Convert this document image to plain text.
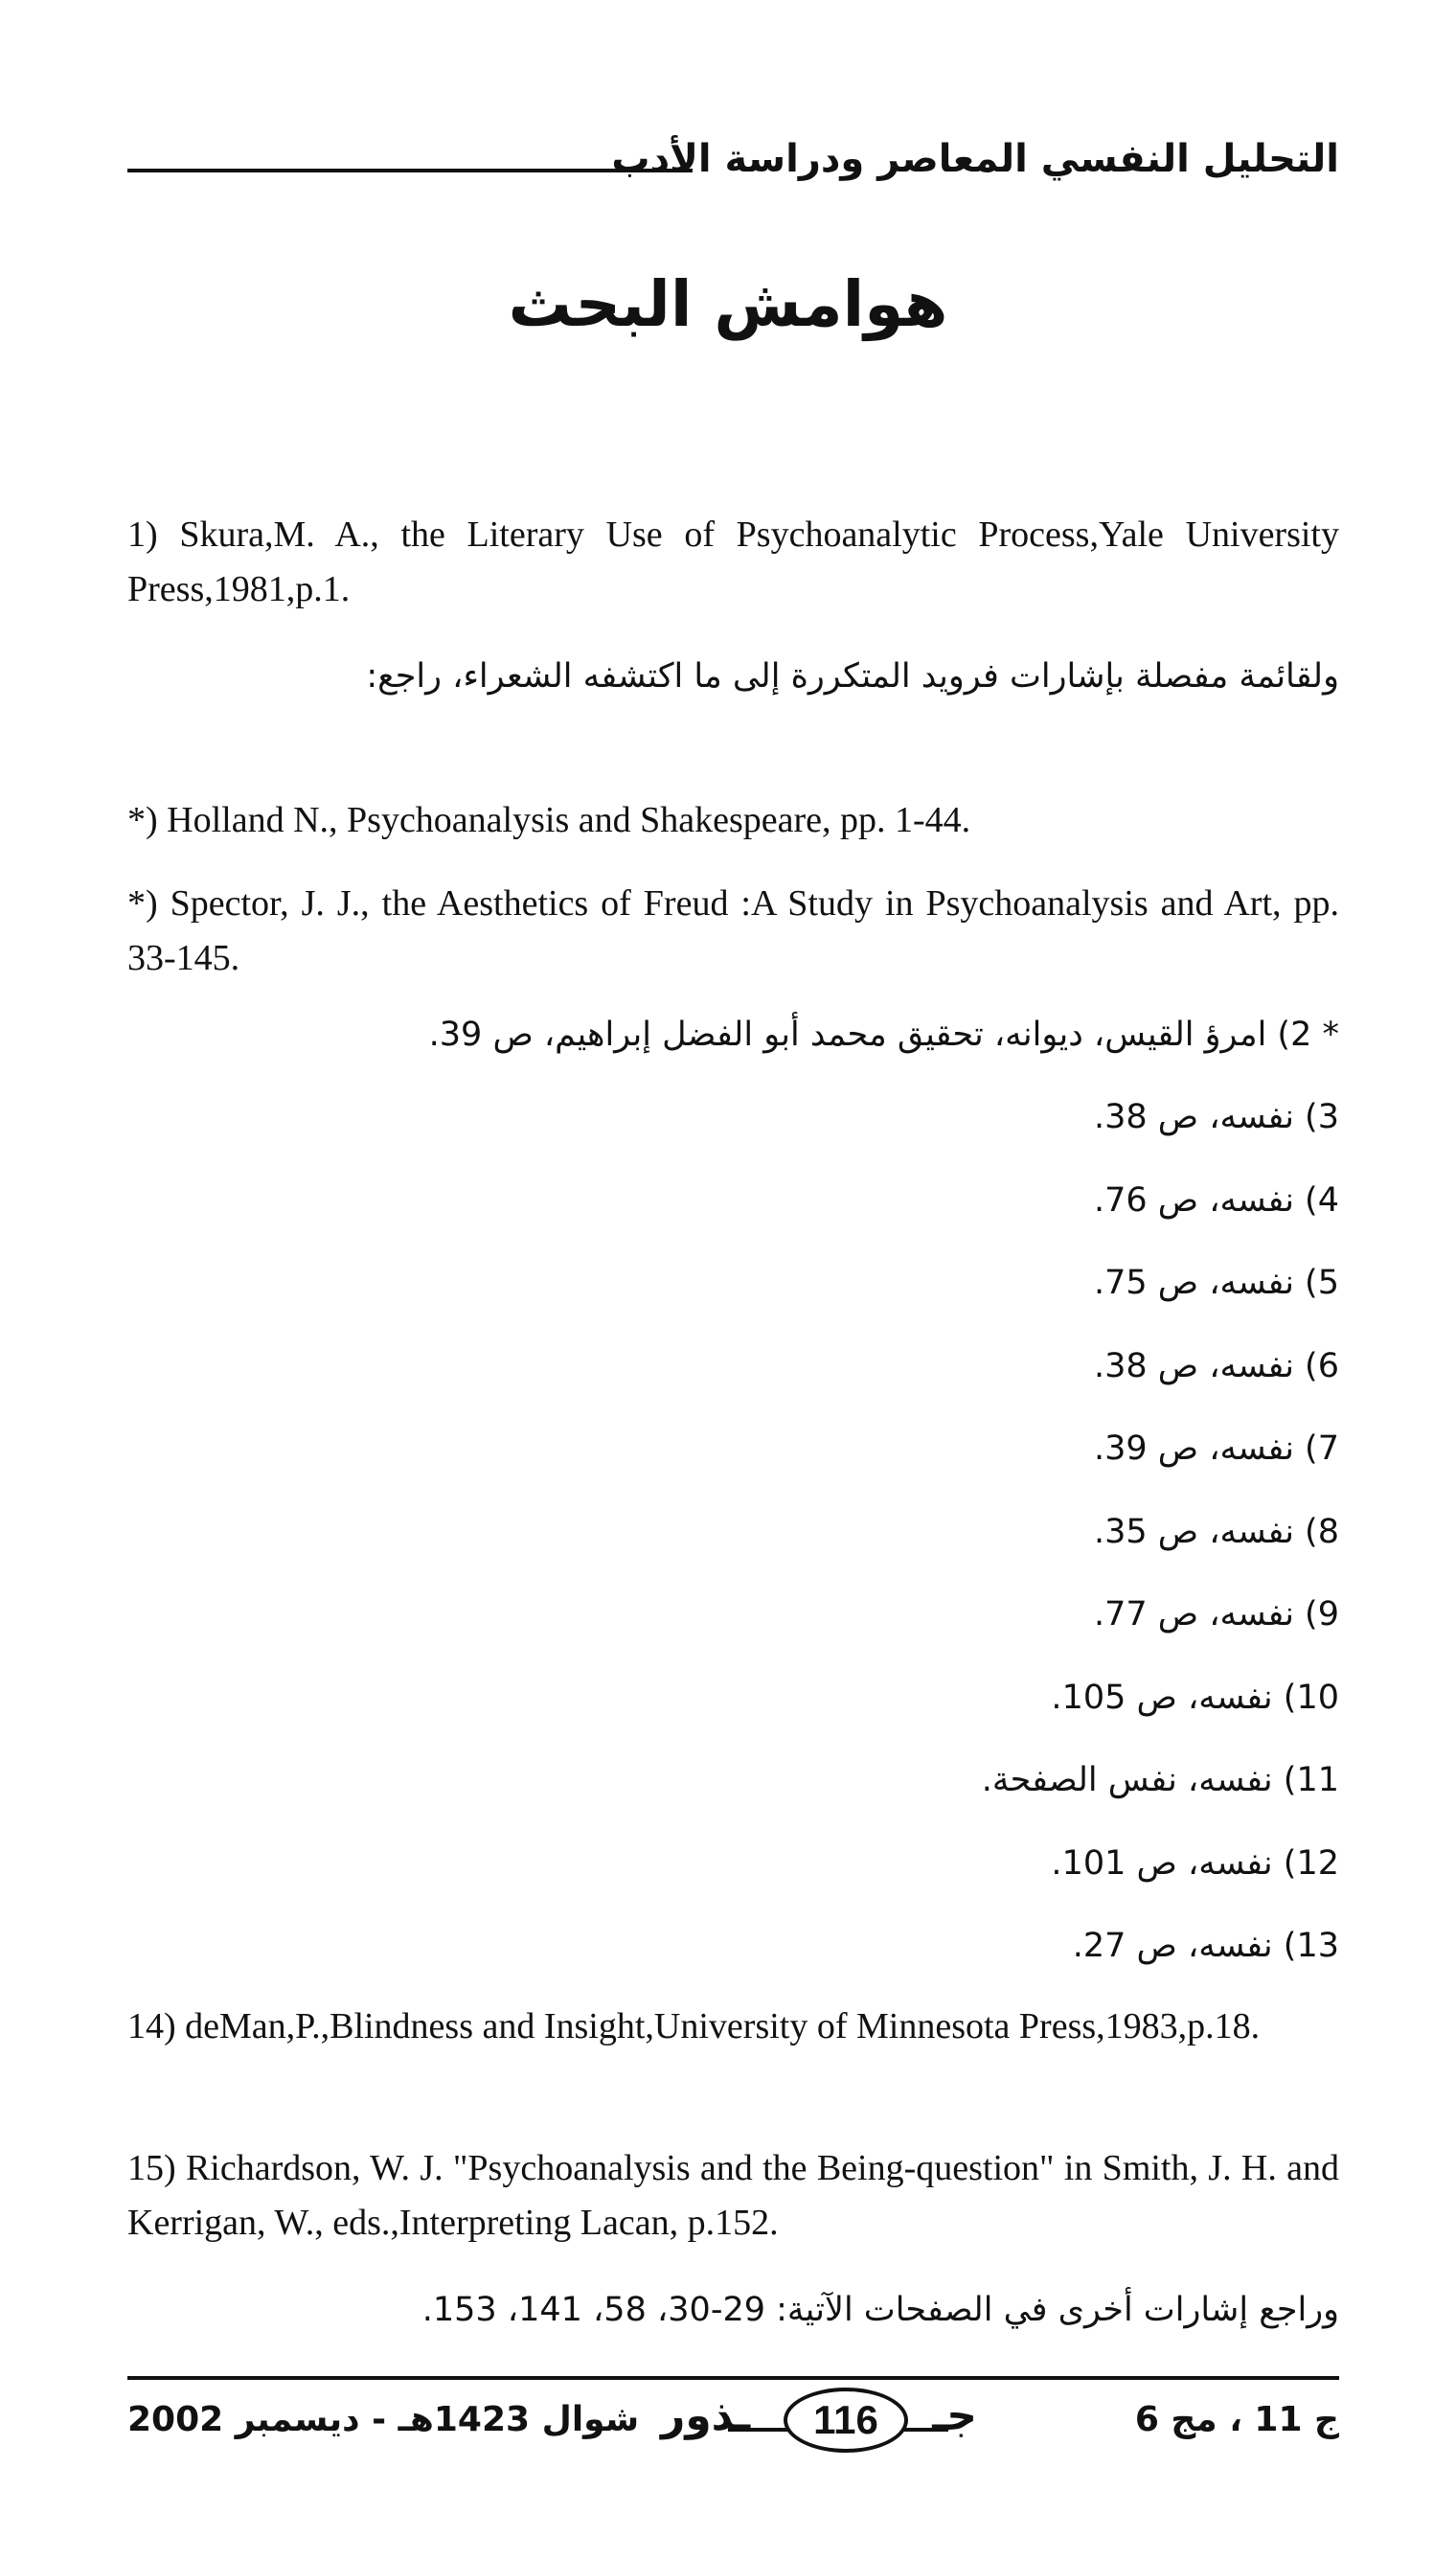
التحليل النفسي المعاصر ودراسة الأدب
هوامش البحث
1) Skura,M. A., the Literary Use of Psychoanalytic Process,Yale University Press,1981,p.1.
ولقائمة مفصلة بإشارات فرويد المتكررة إلى ما اكتشفه الشعراء، راجع:
*) Holland N., Psychoanalysis and Shakespeare, pp. 1-44.
*) Spector, J. J., the Aesthetics of Freud :A Study in Psychoanalysis and Art, pp. 33-145.
* 2) امرؤ القيس، ديوانه، تحقيق محمد أبو الفضل إبراهيم، ص 39.
3) نفسه، ص 38.
4) نفسه، ص 76.
5) نفسه، ص 75.
6) نفسه، ص 38.
7) نفسه، ص 39.
8) نفسه، ص 35.
9) نفسه، ص 77.
10) نفسه، ص 105.
11) نفسه، نفس الصفحة.
12) نفسه، ص 101.
13) نفسه، ص 27.
14) deMan,P.,Blindness and Insight,University of Minnesota Press,1983,p.18.
15) Richardson, W. J. "Psychoanalysis and the Being-question" in Smith, J. H. and Kerrigan, W., eds.,Interpreting Lacan, p.152.
وراجع إشارات أخرى في الصفحات الآتية: 29-30، 58، 141، 153.
شوال 1423هـ - ديسمبر 2002 ـذور	جـ
116	ج 11 ، مج 6
